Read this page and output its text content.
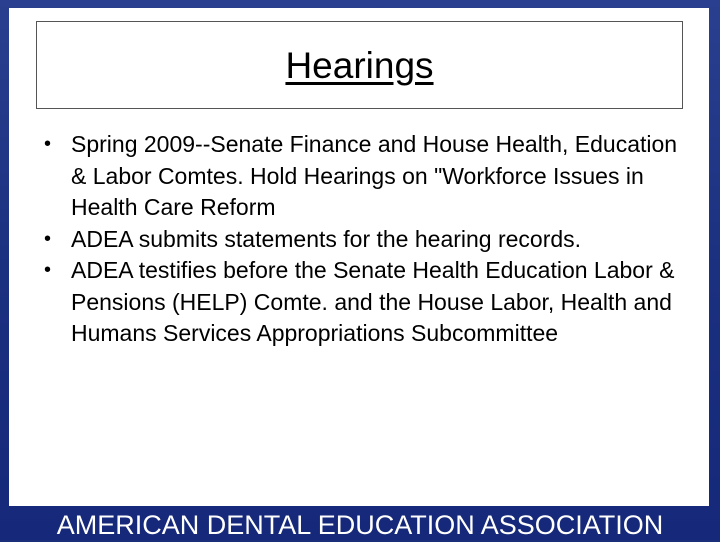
Hearings
• Spring 2009--Senate Finance and House Health, Education & Labor Comtes. Hold Hearings on "Workforce Issues in Health Care Reform
• ADEA submits statements for the hearing records.
• ADEA testifies before the Senate Health Education Labor & Pensions (HELP) Comte. and the House Labor, Health and Humans Services Appropriations Subcommittee
AMERICAN DENTAL EDUCATION ASSOCIATION
